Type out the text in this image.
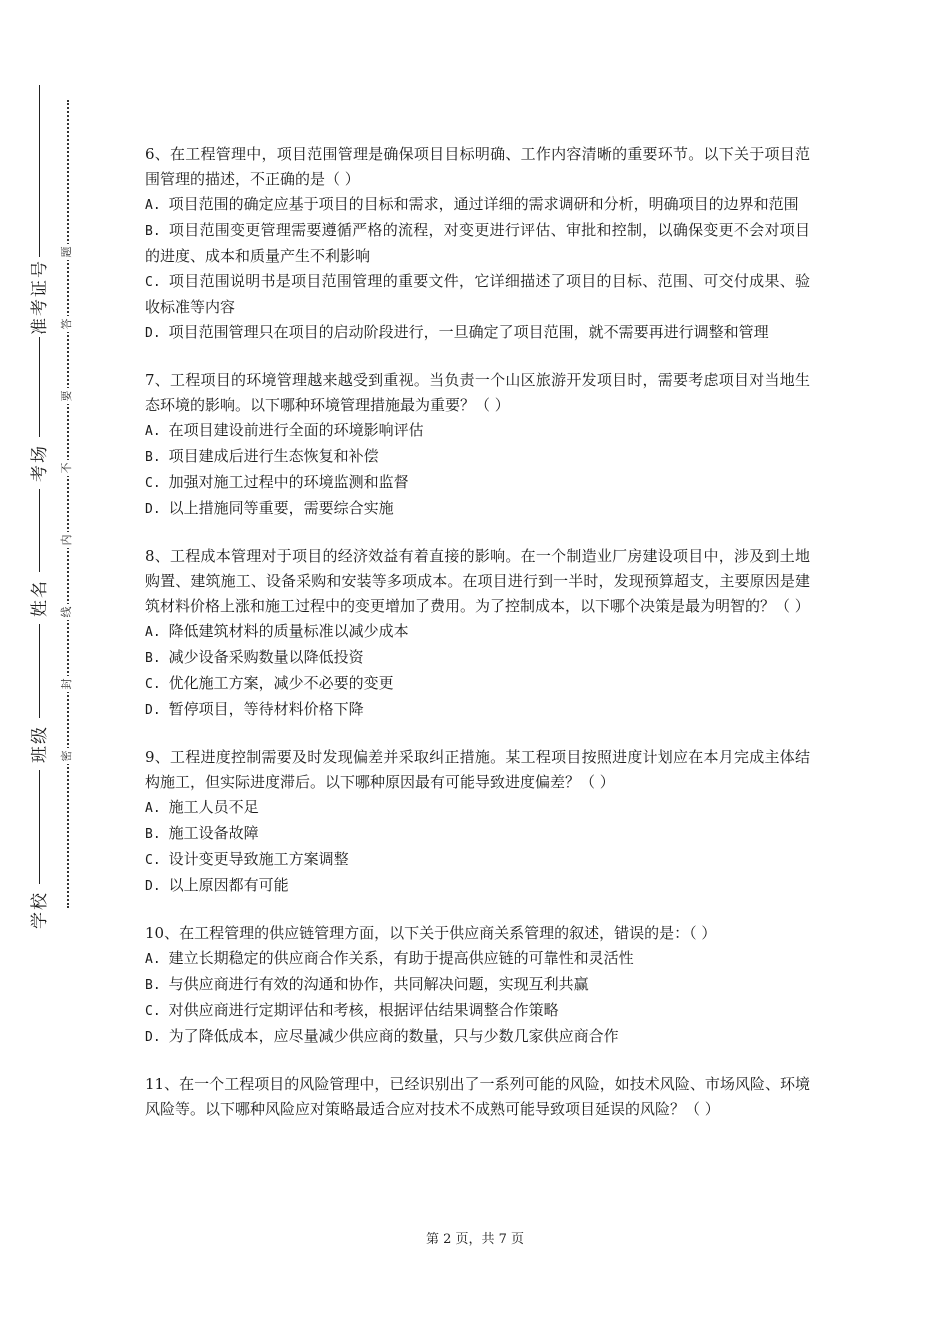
准考证号
考场
姓名
班级
学校
题
答
要
不
内
线
封
密

6、在工程管理中，项目范围管理是确保项目目标明确、工作内容清晰的重要环节。以下关于项目范围管理的描述，不正确的是（ ）

A. 项目范围的确定应基于项目的目标和需求，通过详细的需求调研和分析，明确项目的边界和范围

B. 项目范围变更管理需要遵循严格的流程，对变更进行评估、审批和控制，以确保变更不会对项目的进度、成本和质量产生不利影响

C. 项目范围说明书是项目范围管理的重要文件，它详细描述了项目的目标、范围、可交付成果、验收标准等内容

D. 项目范围管理只在项目的启动阶段进行，一旦确定了项目范围，就不需要再进行调整和管理

7、工程项目的环境管理越来越受到重视。当负责一个山区旅游开发项目时，需要考虑项目对当地生态环境的影响。以下哪种环境管理措施最为重要？（ ）

A. 在项目建设前进行全面的环境影响评估

B. 项目建成后进行生态恢复和补偿

C. 加强对施工过程中的环境监测和监督

D. 以上措施同等重要，需要综合实施

8、工程成本管理对于项目的经济效益有着直接的影响。在一个制造业厂房建设项目中，涉及到土地购置、建筑施工、设备采购和安装等多项成本。在项目进行到一半时，发现预算超支，主要原因是建筑材料价格上涨和施工过程中的变更增加了费用。为了控制成本，以下哪个决策是最为明智的？（ ）

A. 降低建筑材料的质量标准以减少成本

B. 减少设备采购数量以降低投资

C. 优化施工方案，减少不必要的变更

D. 暂停项目，等待材料价格下降

9、工程进度控制需要及时发现偏差并采取纠正措施。某工程项目按照进度计划应在本月完成主体结构施工，但实际进度滞后。以下哪种原因最有可能导致进度偏差？（ ）

A. 施工人员不足

B. 施工设备故障

C. 设计变更导致施工方案调整

D. 以上原因都有可能

10、在工程管理的供应链管理方面，以下关于供应商关系管理的叙述，错误的是：（ ）

A. 建立长期稳定的供应商合作关系，有助于提高供应链的可靠性和灵活性

B. 与供应商进行有效的沟通和协作，共同解决问题，实现互利共赢

C. 对供应商进行定期评估和考核，根据评估结果调整合作策略

D. 为了降低成本，应尽量减少供应商的数量，只与少数几家供应商合作

11、在一个工程项目的风险管理中，已经识别出了一系列可能的风险，如技术风险、市场风险、环境风险等。以下哪种风险应对策略最适合应对技术不成熟可能导致项目延误的风险？（ ）

第 2 页，共 7 页
